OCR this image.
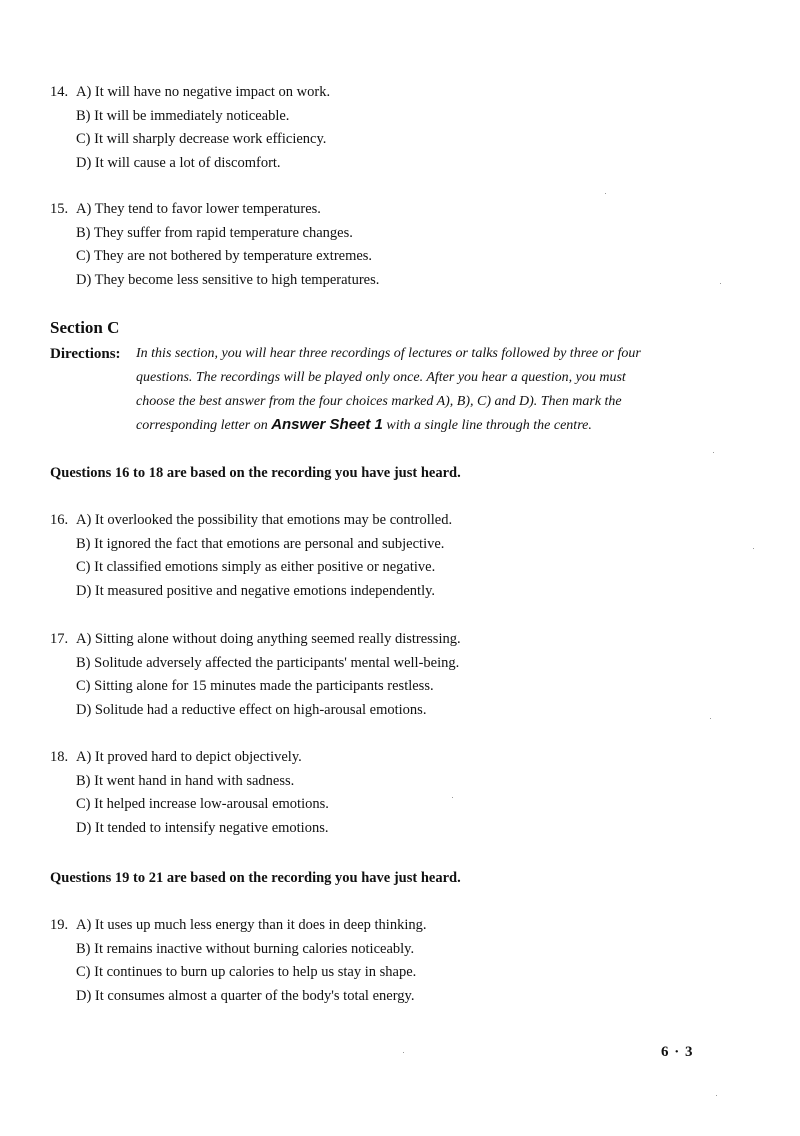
14. A) It will have no negative impact on work.
B) It will be immediately noticeable.
C) It will sharply decrease work efficiency.
D) It will cause a lot of discomfort.
15. A) They tend to favor lower temperatures.
B) They suffer from rapid temperature changes.
C) They are not bothered by temperature extremes.
D) They become less sensitive to high temperatures.
Section C
Directions: In this section, you will hear three recordings of lectures or talks followed by three or four
questions. The recordings will be played only once. After you hear a question, you must
choose the best answer from the four choices marked A), B), C) and D). Then mark the
corresponding letter on Answer Sheet 1 with a single line through the centre.
Questions 16 to 18 are based on the recording you have just heard.
16. A) It overlooked the possibility that emotions may be controlled.
B) It ignored the fact that emotions are personal and subjective.
C) It classified emotions simply as either positive or negative.
D) It measured positive and negative emotions independently.
17. A) Sitting alone without doing anything seemed really distressing.
B) Solitude adversely affected the participants' mental well-being.
C) Sitting alone for 15 minutes made the participants restless.
D) Solitude had a reductive effect on high-arousal emotions.
18. A) It proved hard to depict objectively.
B) It went hand in hand with sadness.
C) It helped increase low-arousal emotions.
D) It tended to intensify negative emotions.
Questions 19 to 21 are based on the recording you have just heard.
19. A) It uses up much less energy than it does in deep thinking.
B) It remains inactive without burning calories noticeably.
C) It continues to burn up calories to help us stay in shape.
D) It consumes almost a quarter of the body's total energy.
6 · 3
